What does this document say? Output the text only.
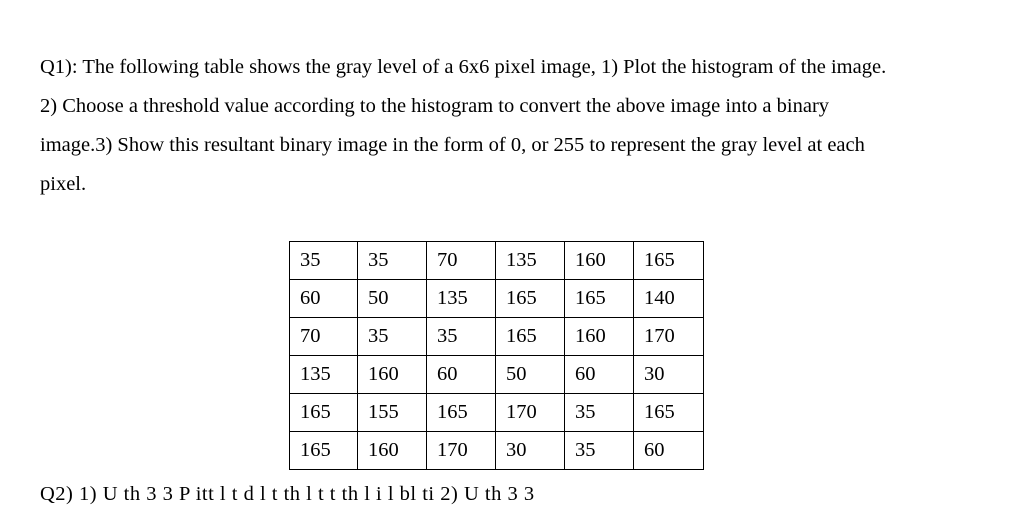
Q1): The following table shows the gray level of a 6x6 pixel image, 1) Plot the histogram of the image.
2) Choose a threshold value according to the histogram to convert the above image into a binary
image.3) Show this resultant binary image in the form of 0, or 255 to represent the gray level at each
pixel.

35	35	70	135	160	165
60	50	135	165	165	140
70	35	35	165	160	170
135	160	60	50	60	30
165	155	165	170	35	165
165	160	170	30	35	60
Q2) 1) U th 3 3 P itt l t d l t th l t t th l i l bl ti 2) U th 3 3
